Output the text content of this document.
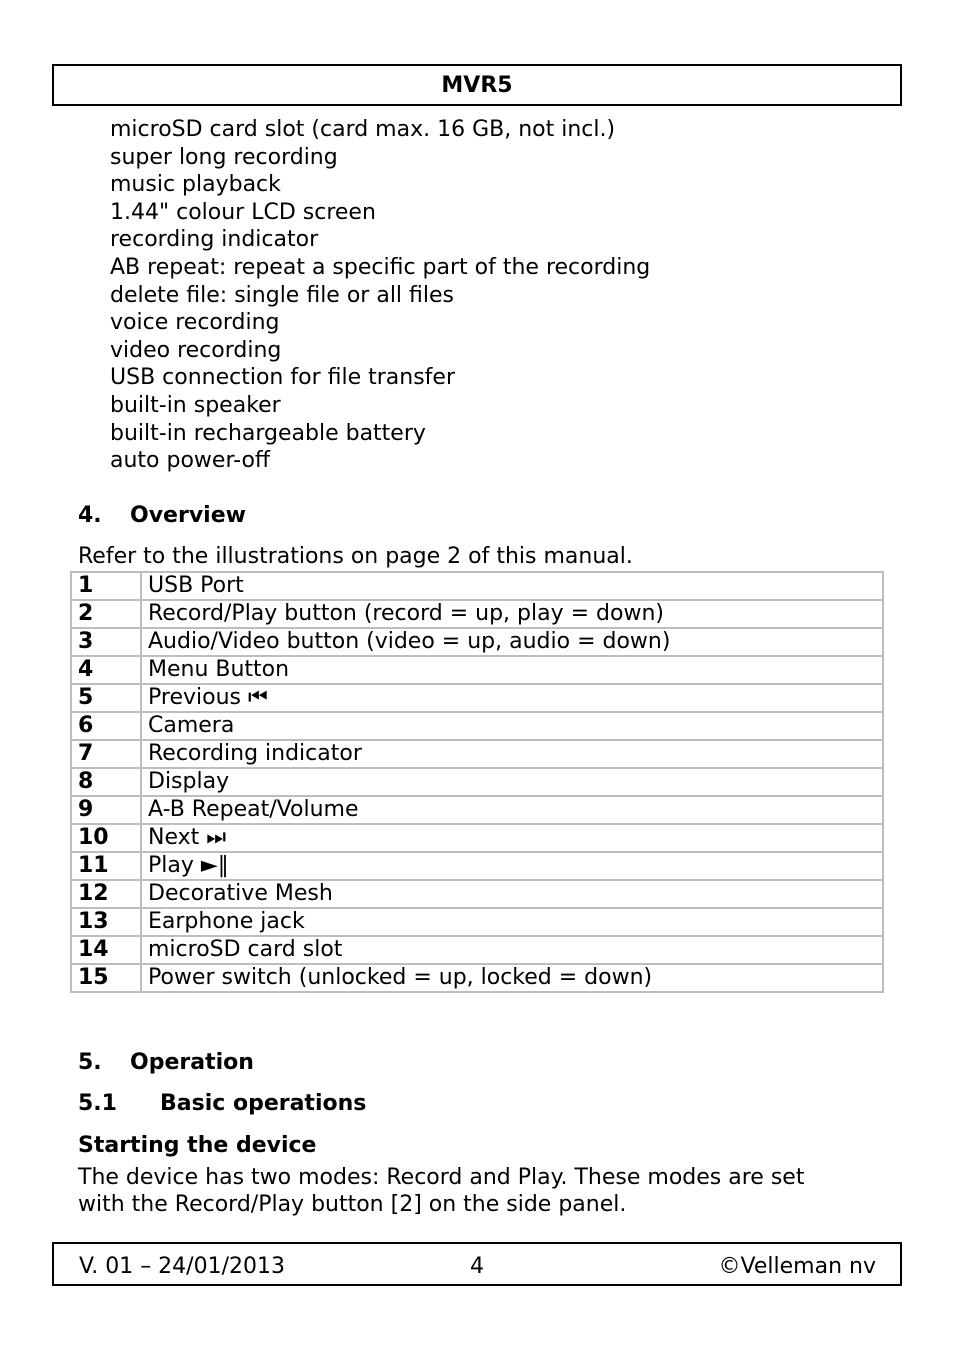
MVR5
microSD card slot (card max. 16 GB, not incl.)
super long recording
music playback
1.44" colour LCD screen
recording indicator
AB repeat: repeat a specific part of the recording
delete file: single file or all files
voice recording
video recording
USB connection for file transfer
built-in speaker
built-in rechargeable battery
auto power-off
4. Overview

Refer to the illustrations on page 2 of this manual.

1	USB Port
2	Record/Play button (record = up, play = down)
3	Audio/Video button (video = up, audio = down)
4	Menu Button
5	Previous ⏮
6	Camera
7	Recording indicator
8	Display
9	A-B Repeat/Volume
10	Next ⏭
11	Play ►‖
12	Decorative Mesh
13	Earphone jack
14	microSD card slot
15	Power switch (unlocked = up, locked = down)
5. Operation
5.1 Basic operations
Starting the device

The device has two modes: Record and Play. These modes are set

with the Record/Play button [2] on the side panel.

V. 01 – 24/01/2013	4	©Velleman nv
